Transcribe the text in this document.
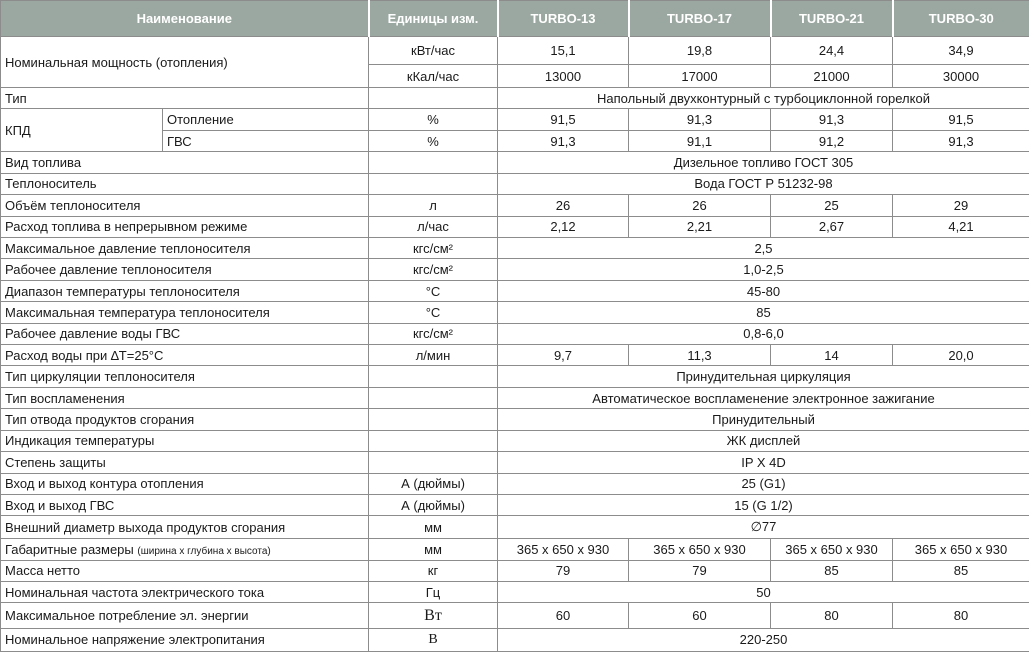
Наименование		Единицы изм.	TURBO-13	TURBO-17	TURBO-21	TURBO-30
Номинальная мощность (отопления)		кВт/час	15,1	19,8	24,4	34,9
		кКал/час	13000	17000	21000	30000
Тип			Напольный двухконтурный с турбоциклонной горелкой			
КПД	Отопление	%	91,5	91,3	91,3	91,5
	ГВС	%	91,3	91,1	91,2	91,3
Вид топлива			Дизельное топливо ГОСТ 305			
Теплоноситель			Вода ГОСТ Р 51232-98			
Объём теплоносителя		л	26	26	25	29
Расход топлива в непрерывном режиме		л/час	2,12	2,21	2,67	4,21
Максимальное давление теплоносителя		кгс/см²	2,5			
Рабочее давление теплоносителя		кгс/см²	1,0-2,5			
Диапазон температуры теплоносителя		°С	45-80			
Максимальная температура теплоносителя		°С	85			
Рабочее давление воды ГВС		кгс/см²	0,8-6,0			
Расход воды при ∆Т=25°С		л/мин	9,7	11,3	14	20,0
Тип циркуляции теплоносителя			Принудительная циркуляция			
Тип воспламенения			Автоматическое воспламенение электронное зажигание			
Тип отвода продуктов сгорания			Принудительный			
Индикация температуры			ЖК дисплей			
Степень защиты			IP X 4D			
Вход и выход контура отопления		А (дюймы)	25 (G1)			
Вход и выход ГВС		А (дюймы)	15 (G 1/2)			
Внешний диаметр выхода продуктов сгорания		мм	∅77			
Габаритные размеры (ширина х глубина х высота)		мм	365 х 650 х 930	365 х 650 х 930	365 х 650 х 930	365 х 650 х 930
Масса нетто		кг	79	79	85	85
Номинальная частота электрического тока		Гц	50			
Максимальное потребление эл. энергии		Вт	60	60	80	80
Номинальное напряжение электропитания		В	220-250			
